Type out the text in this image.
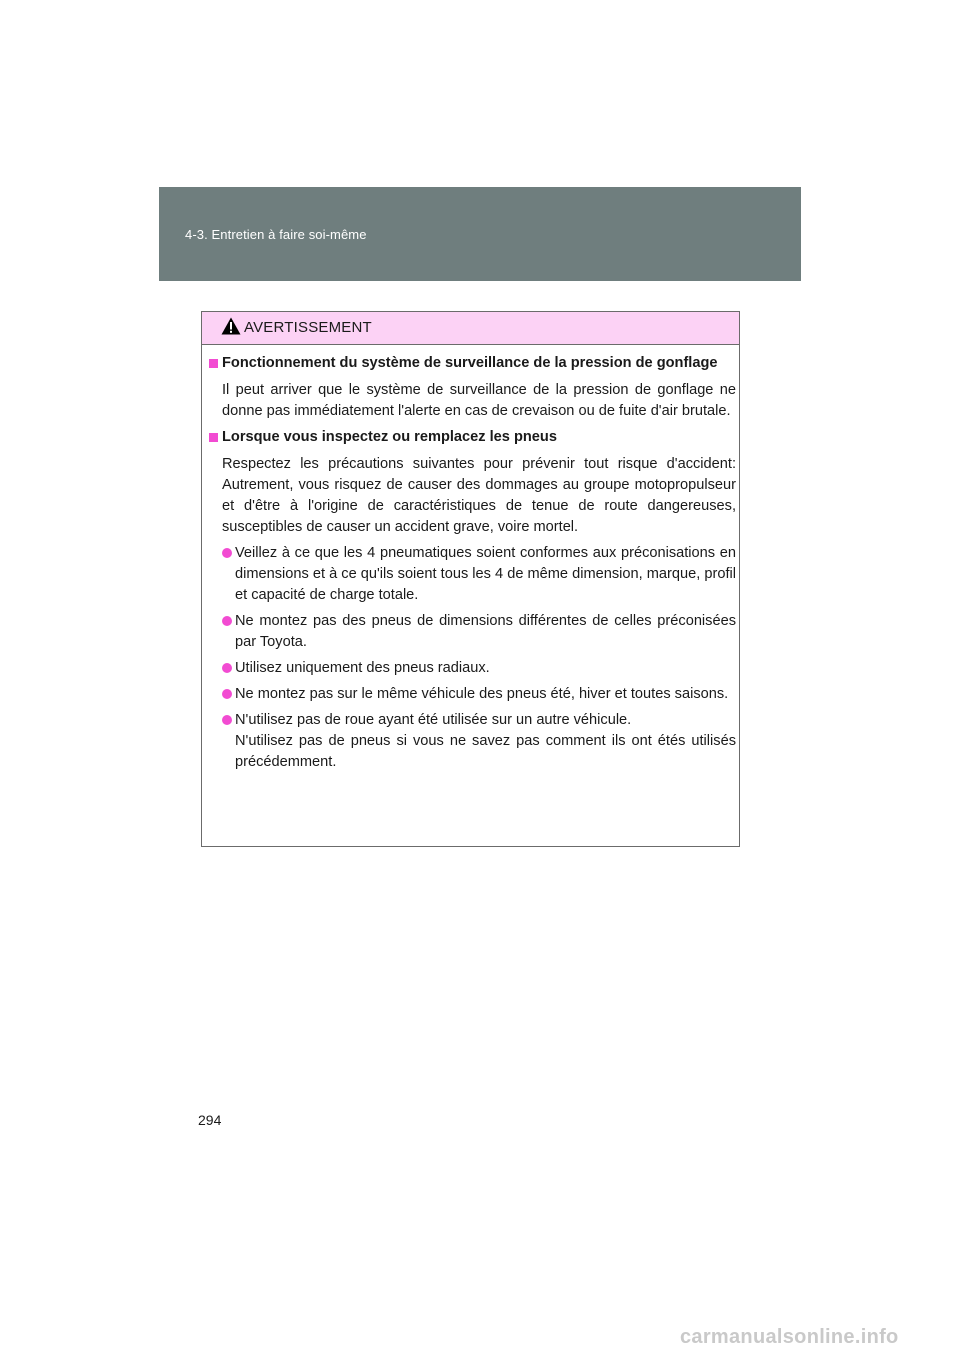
4-3. Entretien à faire soi-même
AVERTISSEMENT
Fonctionnement du système de surveillance de la pression de gonflage
Il peut arriver que le système de surveillance de la pression de gonflage ne donne pas immédiatement l'alerte en cas de crevaison ou de fuite d'air brutale.
Lorsque vous inspectez ou remplacez les pneus
Respectez les précautions suivantes pour prévenir tout risque d'accident: Autrement, vous risquez de causer des dommages au groupe motopropulseur et d'être à l'origine de caractéristiques de tenue de route dangereuses, susceptibles de causer un accident grave, voire mortel.
Veillez à ce que les 4 pneumatiques soient conformes aux préconisations en dimensions et à ce qu'ils soient tous les 4 de même dimension, marque, profil et capacité de charge totale.
Ne montez pas des pneus de dimensions différentes de celles préconisées par Toyota.
Utilisez uniquement des pneus radiaux.
Ne montez pas sur le même véhicule des pneus été, hiver et toutes saisons.
N'utilisez pas de roue ayant été utilisée sur un autre véhicule.
N'utilisez pas de pneus si vous ne savez pas comment ils ont étés utilisés précédemment.
294
carmanualsonline.info
